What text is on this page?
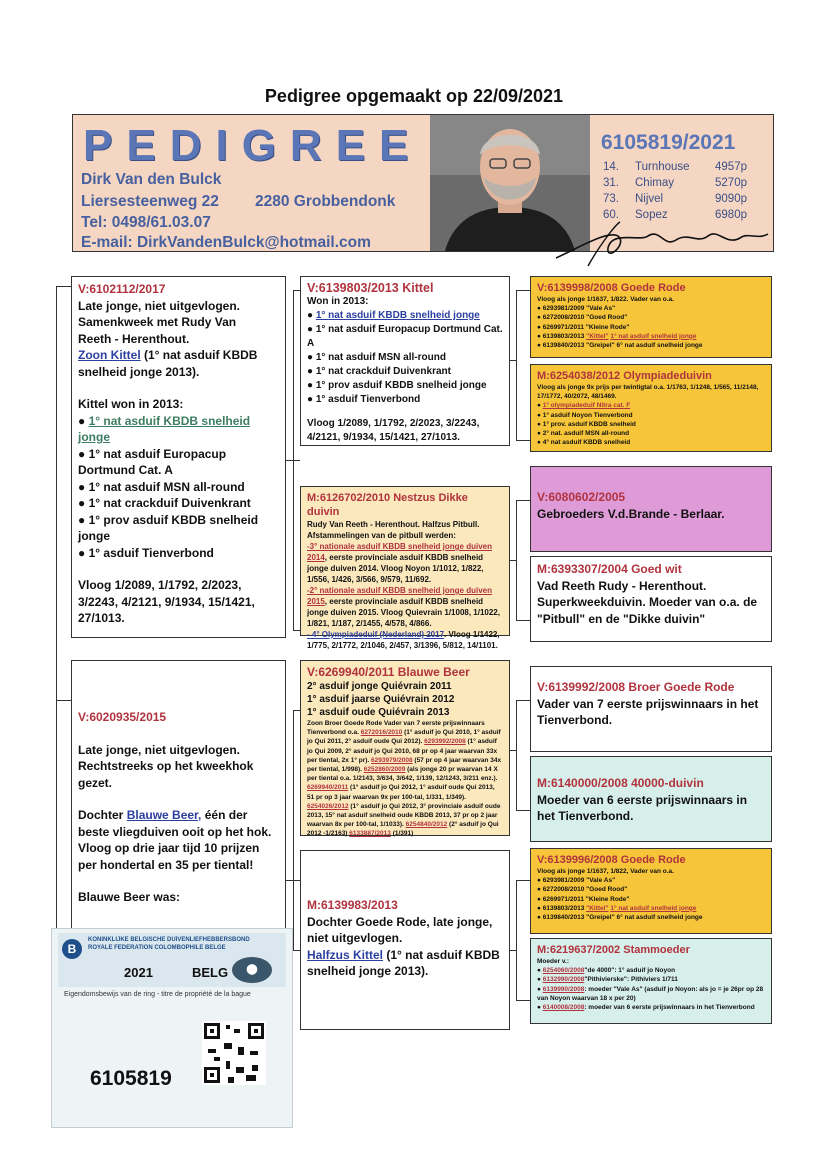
Pedigree opgemaakt op 22/09/2021
PEDIGREE
Dirk Van den Bulck
Liersesteenweg 22 2280 Grobbendonk
Tel: 0498/61.03.07
E-mail: DirkVandenBulck@hotmail.com
6105819/2021
14.	Turnhouse	4957p
31.	Chimay	5270p
73.	Nijvel	9090p
60.	Sopez	6980p

V:6102112/2017

Late jonge, niet uitgevlogen.

Samenkweek met Rudy Van

Reeth - Herenthout.

Zoon Kittel (1° nat asduif KBDB snelheid jonge 2013).

Kittel won in 2013:

● 1° nat asduif KBDB snelheid jonge

● 1° nat asduif Europacup Dortmund Cat. A

● 1° nat asduif MSN all-round

● 1° nat crackduif Duivenkrant

● 1° prov asduif KBDB snelheid jonge

● 1° asduif Tienverbond

Vloog 1/2089, 1/1792, 2/2023, 3/2243, 4/2121, 9/1934, 15/1421, 27/1013.

V:6020935/2015

Late jonge, niet uitgevlogen. Rechtstreeks op het kweekhok gezet.

Dochter Blauwe Beer, één der beste vliegduiven ooit op het hok. Vloog op drie jaar tijd 10 prijzen per hondertal en 35 per tiental!

Blauwe Beer was:

B
KONINKLIJKE BELGISCHE DUIVENLIEFHEBBERSBOND
ROYALE FEDERATION COLOMBOPHILE BELGE
2021	BELG	⬤
Eigendomsbewijs van de ring - titre de propriété de la bague
6105819

V:6139803/2013 Kittel

Won in 2013:

● 1° nat asduif KBDB snelheid jonge

● 1° nat asduif Europacup Dortmund Cat. A

● 1° nat asduif MSN all-round

● 1° nat crackduif Duivenkrant

● 1° prov asduif KBDB snelheid jonge

● 1° asduif Tienverbond

Vloog 1/2089, 1/1792, 2/2023, 3/2243, 4/2121, 9/1934, 15/1421, 27/1013.

M:6126702/2010 Nestzus Dikke duivin

Rudy Van Reeth - Herenthout. Halfzus Pitbull. Afstammelingen van de pitbull werden:

-3° nationale asduif KBDB snelheid jonge duiven 2014, eerste provinciale asduif KBDB snelheid jonge duiven 2014. Vloog Noyon 1/1012, 1/822, 1/556, 1/426, 3/566, 9/579, 11/692.

-2° nationale asduif KBDB snelheid jonge duiven 2015, eerste provinciale asduif KBDB snelheid jonge duiven 2015. Vloog Quievrain 1/1008, 1/1022, 1/821, 1/187, 2/1455, 4/578, 4/866.

- 4° Olympiadeduif (Nederland) 2017. Vloog 1/1422, 1/775, 2/1772, 2/1046, 2/457, 3/1396, 5/812, 14/1101.

V:6269940/2011 Blauwe Beer

2° asduif jonge Quiévrain 2011

1° asduif jaarse Quiévrain 2012

1° asduif oude Quiévrain 2013

Zoon Broer Goede Rode Vader van 7 eerste prijswinnaars Tienverbond o.a. 6272016/2010 (1° asduif jo Qui 2010, 1° asduif jo Qui 2011, 2° asduif oude Qui 2012). 6293992/2008 (1° asduif jo Qui 2009, 2° asduif jo Qui 2010, 68 pr op 4 jaar waarvan 33x per tiental, 2x 1° pr). 6293979/2008 (57 pr op 4 jaar waarvan 34x per tiental, 1/998). 6252860/2009 (als jonge 20 pr waarvan 14 X per tiental o.a. 1/2143, 3/634, 3/642, 1/139, 12/1243, 3/211 enz.). 6269940/2011 (1° asduif jo Qui 2012, 1° asduif oude Qui 2013, 51 pr op 3 jaar waarvan 9x per 100-tal, 1/331, 1/349). 6254026/2012 (1° asduif jo Qui 2012, 3° provinciale asduif oude 2013, 15° nat asduif snelheid oude KBDB 2013, 37 pr op 2 jaar waarvan 8x per 100-tal, 1/1033). 6254840/2012 (2° asduif jo Qui 2012 -1/2163) 6133887/2013 (1/391)

M:6139983/2013

Dochter Goede Rode, late jonge, niet uitgevlogen.

Halfzus Kittel (1° nat asduif KBDB snelheid jonge 2013).

V:6139998/2008 Goede Rode

Vloog als jonge 1/1637, 1/822. Vader van o.a.

● 6293981/2009 "Vale As"

● 6272008/2010 "Goed Rood"

● 6269971/2011 "Kleine Rode"

● 6139803/2013 "Kittel" 1° nat asduif snelheid jonge

● 6139840/2013 "Greipel" 6° nat asduif snelheid jonge

M:6254038/2012 Olympiadeduivin

Vloog als jonge 9x prijs per twintigtal o.a. 1/1763, 1/1248, 1/565, 11/2148, 17/1772, 40/2072, 48/1469.

● 1° olympiadeduif Nitra cat. F

● 1° asduif Noyon Tienverbond

● 1° prov. asduif KBDB snelheid

● 2° nat. asduif MSN all-round

● 4° nat asduif KBDB snelheid

V:6080602/2005

Gebroeders V.d.Brande - Berlaar.

M:6393307/2004 Goed wit

Vad Reeth Rudy - Herenthout. Superkweekduivin. Moeder van o.a. de "Pitbull" en de "Dikke duivin"

V:6139992/2008 Broer Goede Rode

Vader van 7 eerste prijswinnaars in het Tienverbond.

M:6140000/2008 40000-duivin

Moeder van 6 eerste prijswinnaars in het Tienverbond.

V:6139996/2008 Goede Rode

Vloog als jonge 1/1637, 1/822, Vader van o.a.

● 6293981/2009 "Vale As"

● 6272008/2010 "Goed Rood"

● 6269971/2011 "Kleine Rode"

● 6139803/2013 "Kittel" 1° nat asduif snelheid jonge

● 6139840/2013 "Greipel" 6° nat asduif snelheid jonge

M:6219637/2002 Stammoeder

Moeder v.:

● 6254060/2008"de 4000": 1° asduif jo Noyon

● 6132990/2008"Pithivierske": Pithiviers 1/711

● 6139990/2008: moeder "Vale As" (asduif jo Noyon: als jo = je 26pr op 28 van Noyon waarvan 18 x per 20)

● 6140008/2008: moeder van 6 eerste prijswinnaars in het Tienverbond
